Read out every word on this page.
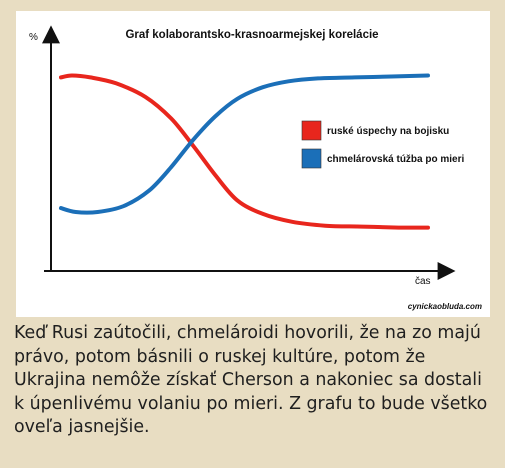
Graf kolaborantsko-krasnoarmejskej korelácie
%
čas
ruské úspechy na bojisku
chmelárovská túžba po mieri
cynickaobluda.com

Keď Rusi zaútočili, chmelároidi hovorili, že na zo majú právo, potom básnili o ruskej kultúre, potom že Ukrajina nemôže získať Cherson a nakoniec sa dostali k úpenlivému volaniu po mieri. Z grafu to bude všetko oveľa jasnejšie.
